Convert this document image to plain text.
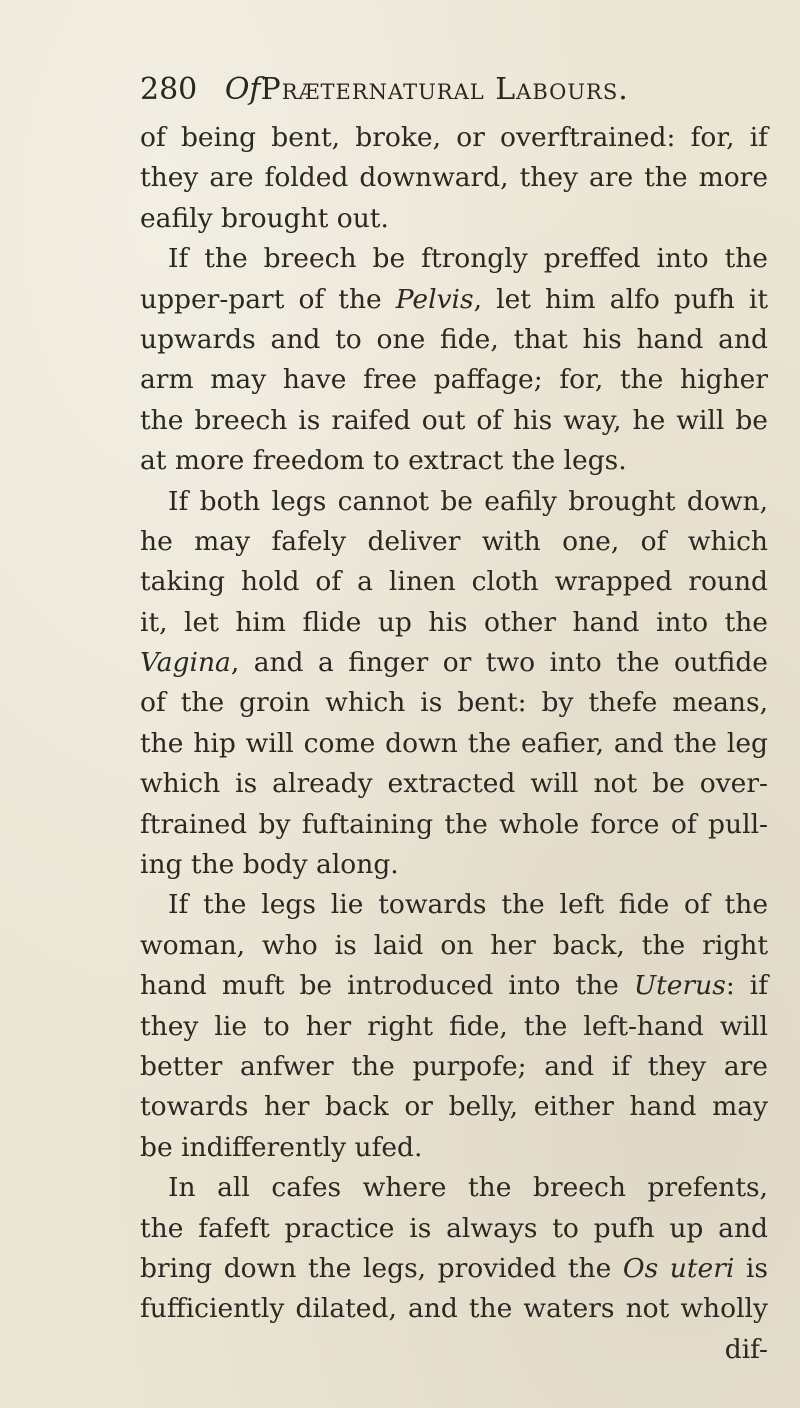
280 OfPræternatural Labours.
of being bent, broke, or overftrained: for, if
they are folded downward, they are the more
eafily brought out.
If the breech be ftrongly preffed into the
upper-part of the Pelvis, let him alfo pufh it
upwards and to one fide, that his hand and
arm may have free paffage; for, the higher
the breech is raifed out of his way, he will be
at more freedom to extract the legs.
If both legs cannot be eafily brought down,
he may fafely deliver with one, of which
taking hold of a linen cloth wrapped round
it, let him flide up his other hand into the
Vagina, and a finger or two into the outfide
of the groin which is bent: by thefe means,
the hip will come down the eafier, and the leg
which is already extracted will not be over-
ftrained by fuftaining the whole force of pull-
ing the body along.
If the legs lie towards the left fide of the
woman, who is laid on her back, the right
hand muft be introduced into the Uterus: if
they lie to her right fide, the left-hand will
better anfwer the purpofe; and if they are
towards her back or belly, either hand may
be indifferently ufed.
In all cafes where the breech prefents,
the fafeft practice is always to pufh up and
bring down the legs, provided the Os uteri is
fufficiently dilated, and the waters not wholly
dif-
